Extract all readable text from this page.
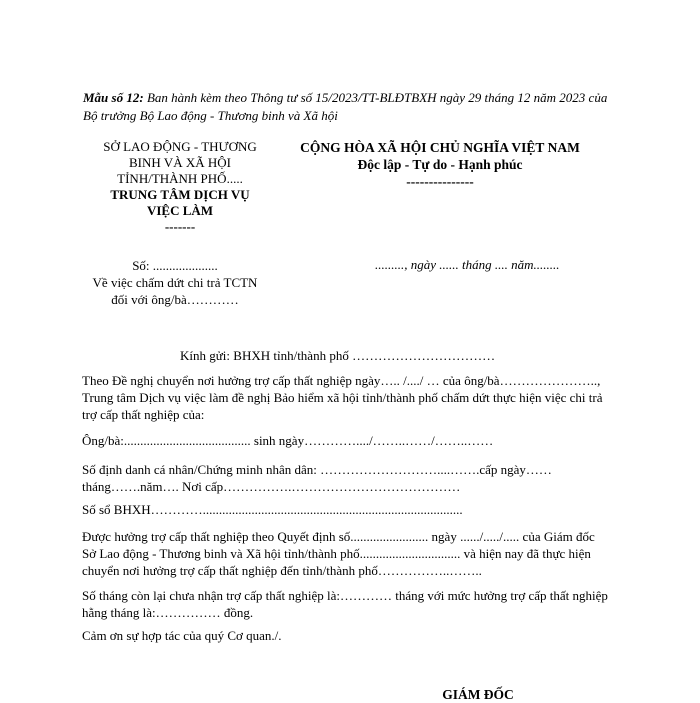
Mẫu số 12: Ban hành kèm theo Thông tư số 15/2023/TT-BLĐTBXH ngày 29 tháng 12 năm 2023 của Bộ trưởng Bộ Lao động - Thương binh và Xã hội

SỞ LAO ĐỘNG - THƯƠNG
BINH VÀ XÃ HỘI
TỈNH/THÀNH PHỐ.....
TRUNG TÂM DỊCH VỤ
VIỆC LÀM
-------
CỘNG HÒA XÃ HỘI CHỦ NGHĨA VIỆT NAM
Độc lập - Tự do - Hạnh phúc
---------------
Số: ....................
Về việc chấm dứt chi trả TCTN
đối với ông/bà…………
........., ngày ...... tháng .... năm........
Kính gửi: BHXH tỉnh/thành phố ……………………………

Theo Đề nghị chuyển nơi hưởng trợ cấp thất nghiệp ngày….. /..../ … của ông/bà………………….., Trung tâm Dịch vụ việc làm đề nghị Bảo hiểm xã hội tỉnh/thành phố chấm dứt thực hiện việc chi trả trợ cấp thất nghiệp của:

Ông/bà:....................................... sinh ngày…………..../……..……/……..……

Số định danh cá nhân/Chứng minh nhân dân: ………………………....…….cấp ngày…… tháng…….năm…. Nơi cấp…………….…………………………………

Số sổ BHXH…………................................................................................

Được hưởng trợ cấp thất nghiệp theo Quyết định số........................ ngày ....../...../..... của Giám đốc Sở Lao động - Thương binh và Xã hội tỉnh/thành phố............................... và hiện nay đã thực hiện chuyển nơi hưởng trợ cấp thất nghiệp đến tỉnh/thành phố……………..……..

Số tháng còn lại chưa nhận trợ cấp thất nghiệp là:………… tháng với mức hưởng trợ cấp thất nghiệp hằng tháng là:…………… đồng.

Cảm ơn sự hợp tác của quý Cơ quan./.

GIÁM ĐỐC
